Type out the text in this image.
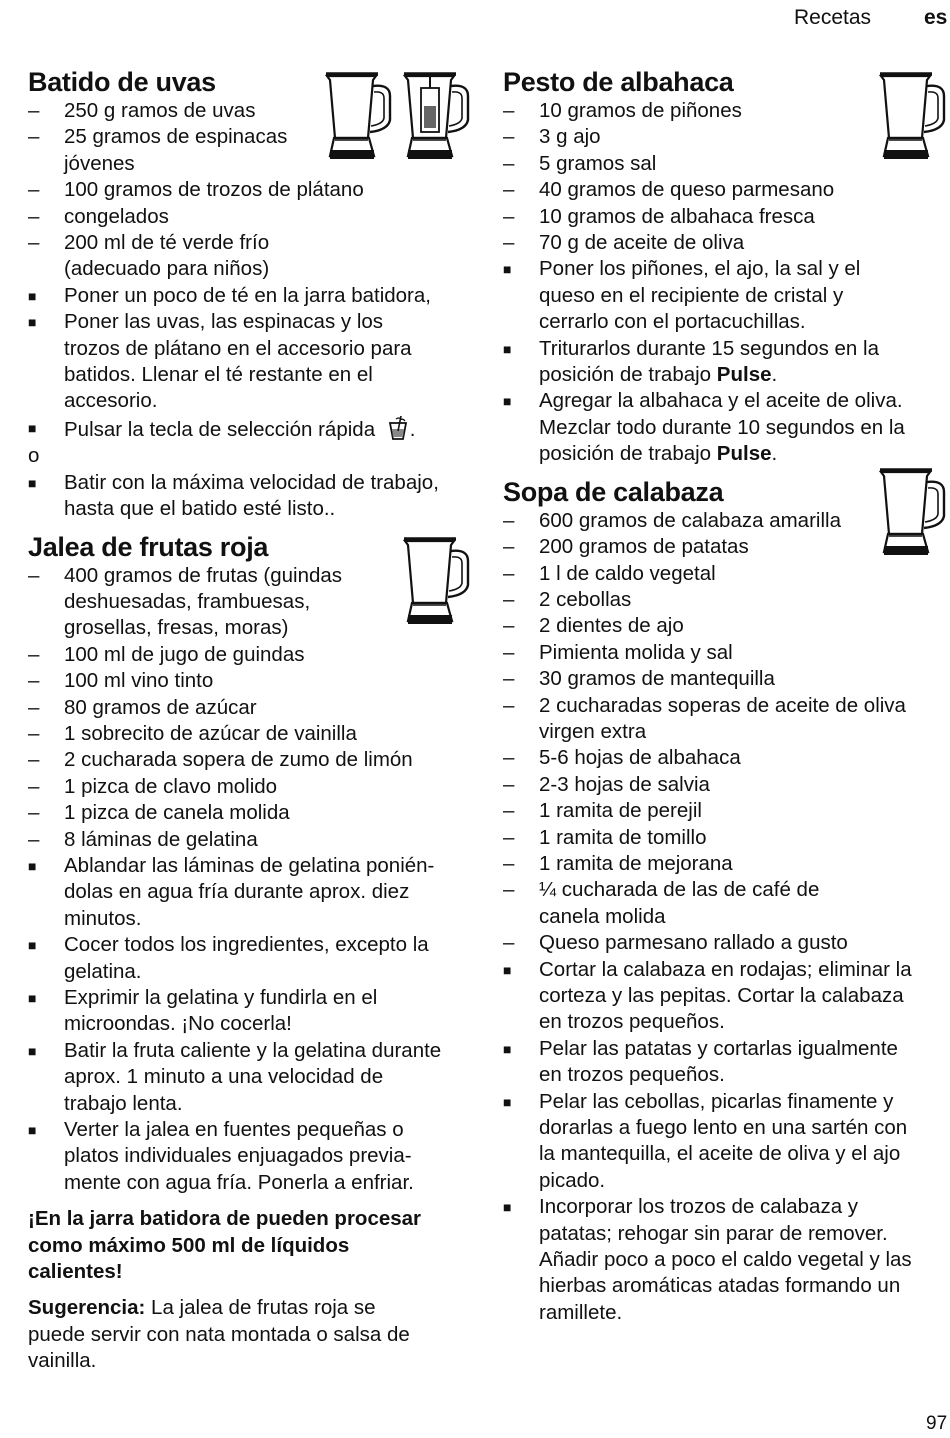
Recetas	es
Batido de uvas
–	250 g ramos de uvas
–	25 gramos de espinacas
jóvenes
–	100 gramos de trozos de plátano
–	congelados
–	200 ml de té verde frío
(adecuado para niños)
■	Poner un poco de té en la jarra batidora,
■	Poner las uvas, las espinacas y los
trozos de plátano en el accesorio para
batidos. Llenar el té restante en el
accesorio.
■	Pulsar la tecla de selección rápida .
o
■	Batir con la máxima velocidad de trabajo,
hasta que el batido esté listo..
Jalea de frutas roja
–	400 gramos de frutas (guindas
deshuesadas, frambuesas,
grosellas, fresas, moras)
–	100 ml de jugo de guindas
–	100 ml vino tinto
–	80 gramos de azúcar
–	1 sobrecito de azúcar de vainilla
–	2 cucharada sopera de zumo de limón
–	1 pizca de clavo molido
–	1 pizca de canela molida
–	8 láminas de gelatina
■	Ablandar las láminas de gelatina ponién-
dolas en agua fría durante aprox. diez
minutos.
■	Cocer todos los ingredientes, excepto la
gelatina.
■	Exprimir la gelatina y fundirla en el
microondas. ¡No cocerla!
■	Batir la fruta caliente y la gelatina durante
aprox. 1 minuto a una velocidad de
trabajo lenta.
■	Verter la jalea en fuentes pequeñas o
platos individuales enjuagados previa-
mente con agua fría. Ponerla a enfriar.
¡En la jarra batidora de pueden procesar
como máximo 500 ml de líquidos
calientes!
Sugerencia: La jalea de frutas roja se
puede servir con nata montada o salsa de
vainilla.
Pesto de albahaca
–	10 gramos de piñones
–	3 g ajo
–	5 gramos sal
–	40 gramos de queso parmesano
–	10 gramos de albahaca fresca
–	70 g de aceite de oliva
■	Poner los piñones, el ajo, la sal y el
queso en el recipiente de cristal y
cerrarlo con el portacuchillas.
■	Triturarlos durante 15 segundos en la
posición de trabajo Pulse.
■	Agregar la albahaca y el aceite de oliva.
Mezclar todo durante 10 segundos en la
posición de trabajo Pulse.
Sopa de calabaza
–	600 gramos de calabaza amarilla
–	200 gramos de patatas
–	1 l de caldo vegetal
–	2 cebollas
–	2 dientes de ajo
–	Pimienta molida y sal
–	30 gramos de mantequilla
–	2 cucharadas soperas de aceite de oliva
virgen extra
–	5-6 hojas de albahaca
–	2-3 hojas de salvia
–	1 ramita de perejil
–	1 ramita de tomillo
–	1 ramita de mejorana
–	¼ cucharada de las de café de
canela molida
–	Queso parmesano rallado a gusto
■	Cortar la calabaza en rodajas; eliminar la
corteza y las pepitas. Cortar la calabaza
en trozos pequeños.
■	Pelar las patatas y cortarlas igualmente
en trozos pequeños.
■	Pelar las cebollas, picarlas finamente y
dorarlas a fuego lento en una sartén con
la mantequilla, el aceite de oliva y el ajo
picado.
■	Incorporar los trozos de calabaza y
patatas; rehogar sin parar de remover.
Añadir poco a poco el caldo vegetal y las
hierbas aromáticas atadas formando un
ramillete.
97
